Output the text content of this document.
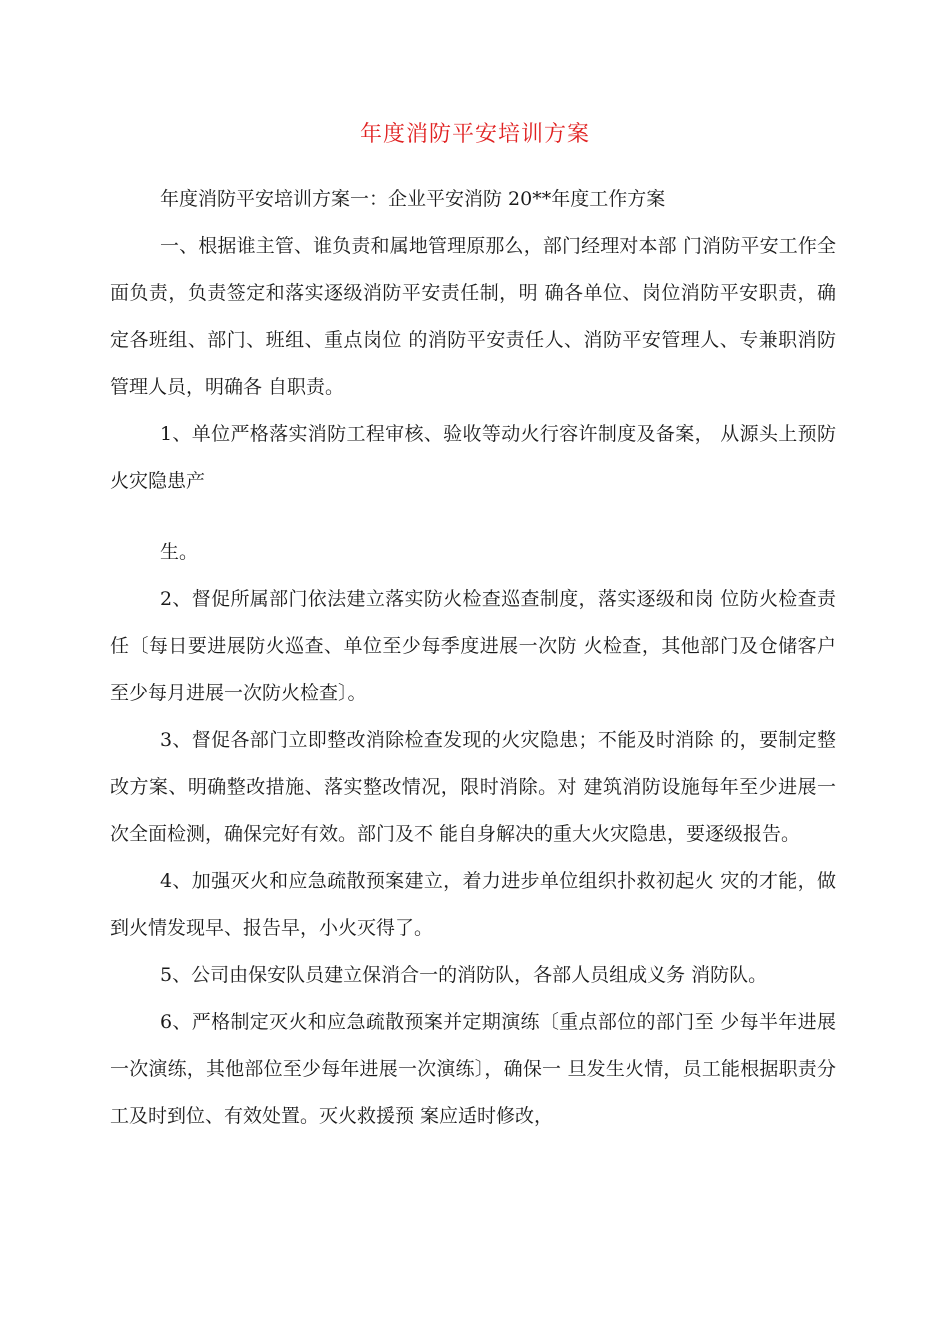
年度消防平安培训方案

年度消防平安培训方案一：企业平安消防 20**年度工作方案

一、根据谁主管、谁负责和属地管理原那么，部门经理对本部 门消防平安工作全面负责，负责签定和落实逐级消防平安责任制，明 确各单位、岗位消防平安职责，确定各班组、部门、班组、重点岗位 的消防平安责任人、消防平安管理人、专兼职消防管理人员，明确各 自职责。

1、单位严格落实消防工程审核、验收等动火行容许制度及备案， 从源头上预防火灾隐患产

生。

2、督促所属部门依法建立落实防火检查巡查制度，落实逐级和岗 位防火检查责任〔每日要进展防火巡查、单位至少每季度进展一次防 火检查，其他部门及仓储客户至少每月进展一次防火检查〕。

3、督促各部门立即整改消除检查发现的火灾隐患；不能及时消除 的，要制定整改方案、明确整改措施、落实整改情况，限时消除。对 建筑消防设施每年至少进展一次全面检测，确保完好有效。部门及不 能自身解决的重大火灾隐患，要逐级报告。

4、加强灭火和应急疏散预案建立，着力进步单位组织扑救初起火 灾的才能，做到火情发现早、报告早，小火灭得了。

5、公司由保安队员建立保消合一的消防队，各部人员组成义务 消防队。

6、严格制定灭火和应急疏散预案并定期演练〔重点部位的部门至 少每半年进展一次演练，其他部位至少每年进展一次演练〕，确保一 旦发生火情，员工能根据职责分工及时到位、有效处置。灭火救援预 案应适时修改，
